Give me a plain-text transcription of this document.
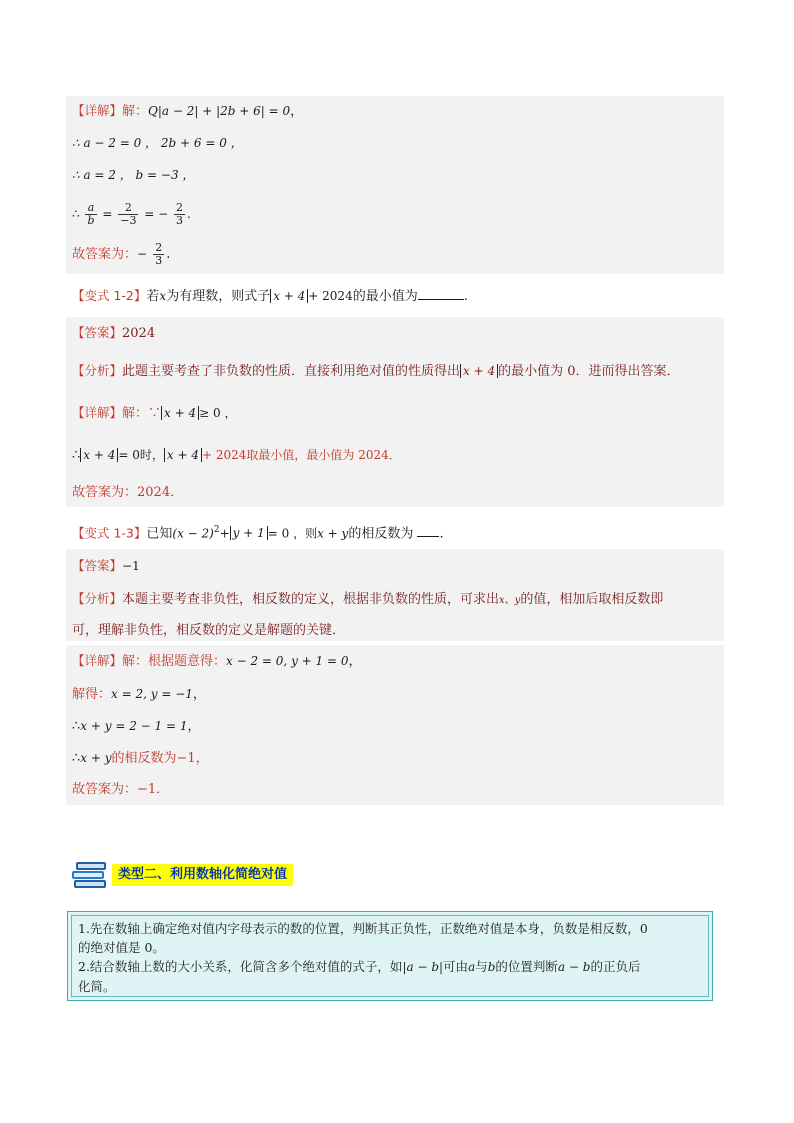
【详解】解：Q|a − 2| + |2b + 6| = 0，
∴ a − 2 = 0 ， 2b + 6 = 0 ，
∴ a = 2 ， b = −3 ，
∴ $\frac{a}{b} = \frac{2}{-3}$ = − $\frac{2}{3}$ .
故答案为：− $\frac{2}{3}$ .
【变式 1-2】若x为有理数，则式子 x + 4 + 2024的最小值为	.
【答案】2024
【分析】此题主要考查了非负数的性质．直接利用绝对值的性质得出 x + 4 的最小值为 0．进而得出答案．
【详解】解：∵ x + 4 ≥ 0 ，
∴ x + 4 = 0时， x + 4 + 2024取最小值，最小值为 2024．
故答案为：2024．
【变式 1-3】已知$(x - 2)^2+ y + 1 = 0$ ，则x + y的相反数为 .
【答案】−1
【分析】本题主要考查非负性，相反数的定义，根据非负数的性质，可求出x、y的值，相加后取相反数即
可，理解非负性，相反数的定义是解题的关键．
【详解】解：根据题意得：x − 2 = 0, y + 1 = 0，
解得：x = 2, y = −1，
∴x + y = 2 − 1 = 1，
∴x + y的相反数为−1，
故答案为：−1．
类型二、利用数轴化简绝对值
1.先在数轴上确定绝对值内字母表示的数的位置，判断其正负性，正数绝对值是本身，负数是相反数，0
的绝对值是 0。
2.结合数轴上数的大小关系，化简含多个绝对值的式子，如|a − b|可由a与b的位置判断a − b的正负后
化简。
